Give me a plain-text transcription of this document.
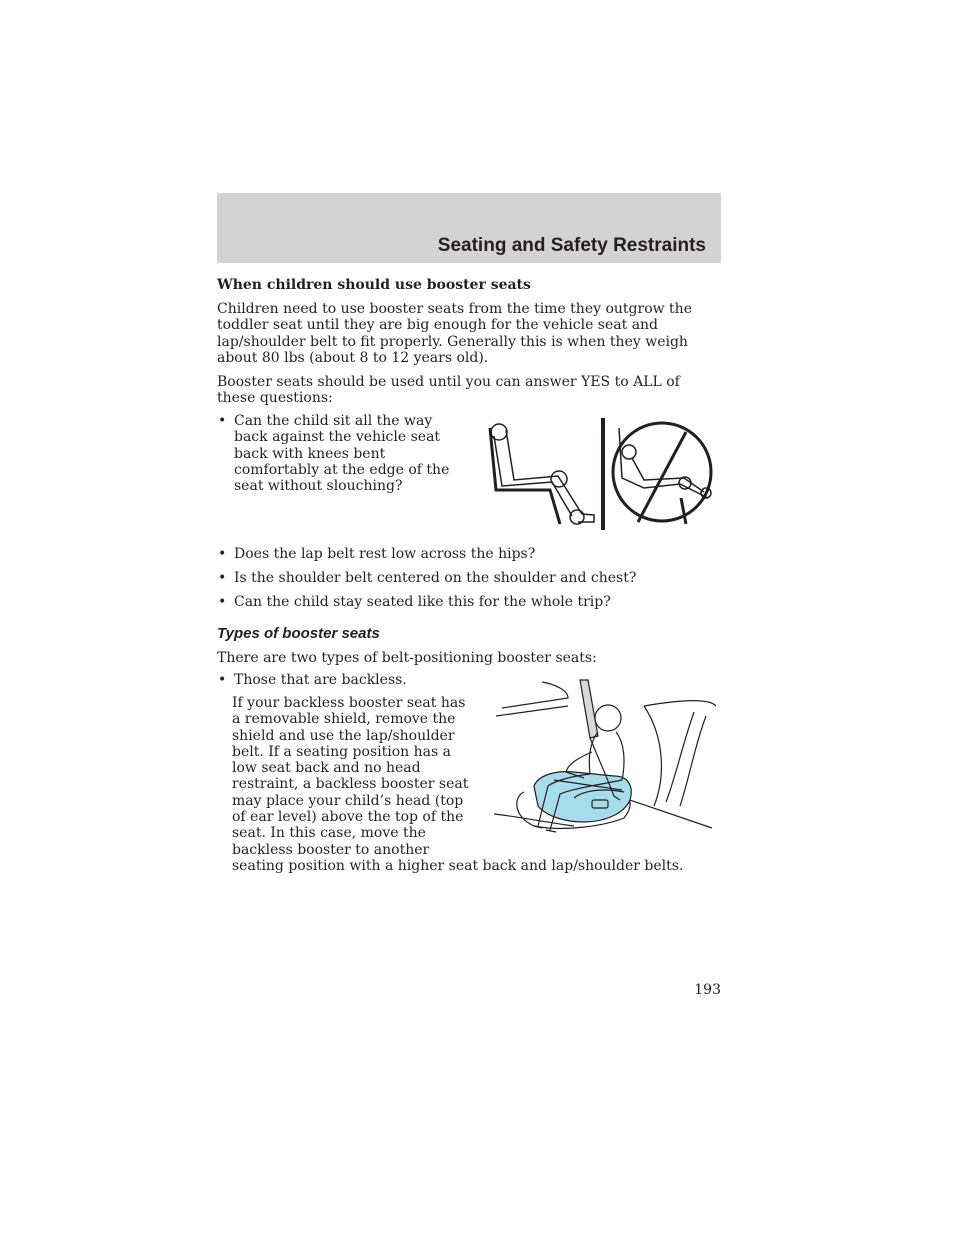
Seating and Safety Restraints
When children should use booster seats
Children need to use booster seats from the time they outgrow the toddler seat until they are big enough for the vehicle seat and lap/shoulder belt to fit properly. Generally this is when they weigh about 80 lbs (about 8 to 12 years old).
Booster seats should be used until you can answer YES to ALL of these questions:
• Can the child sit all the way back against the vehicle seat back with knees bent comfortably at the edge of the seat without slouching?
• Does the lap belt rest low across the hips?
• Is the shoulder belt centered on the shoulder and chest?
• Can the child stay seated like this for the whole trip?
Types of booster seats
There are two types of belt-positioning booster seats:
• Those that are backless.
If your backless booster seat has a removable shield, remove the shield and use the lap/shoulder belt. If a seating position has a low seat back and no head restraint, a backless booster seat may place your child’s head (top of ear level) above the top of the seat. In this case, move the backless booster to another
seating position with a higher seat back and lap/shoulder belts.
193
